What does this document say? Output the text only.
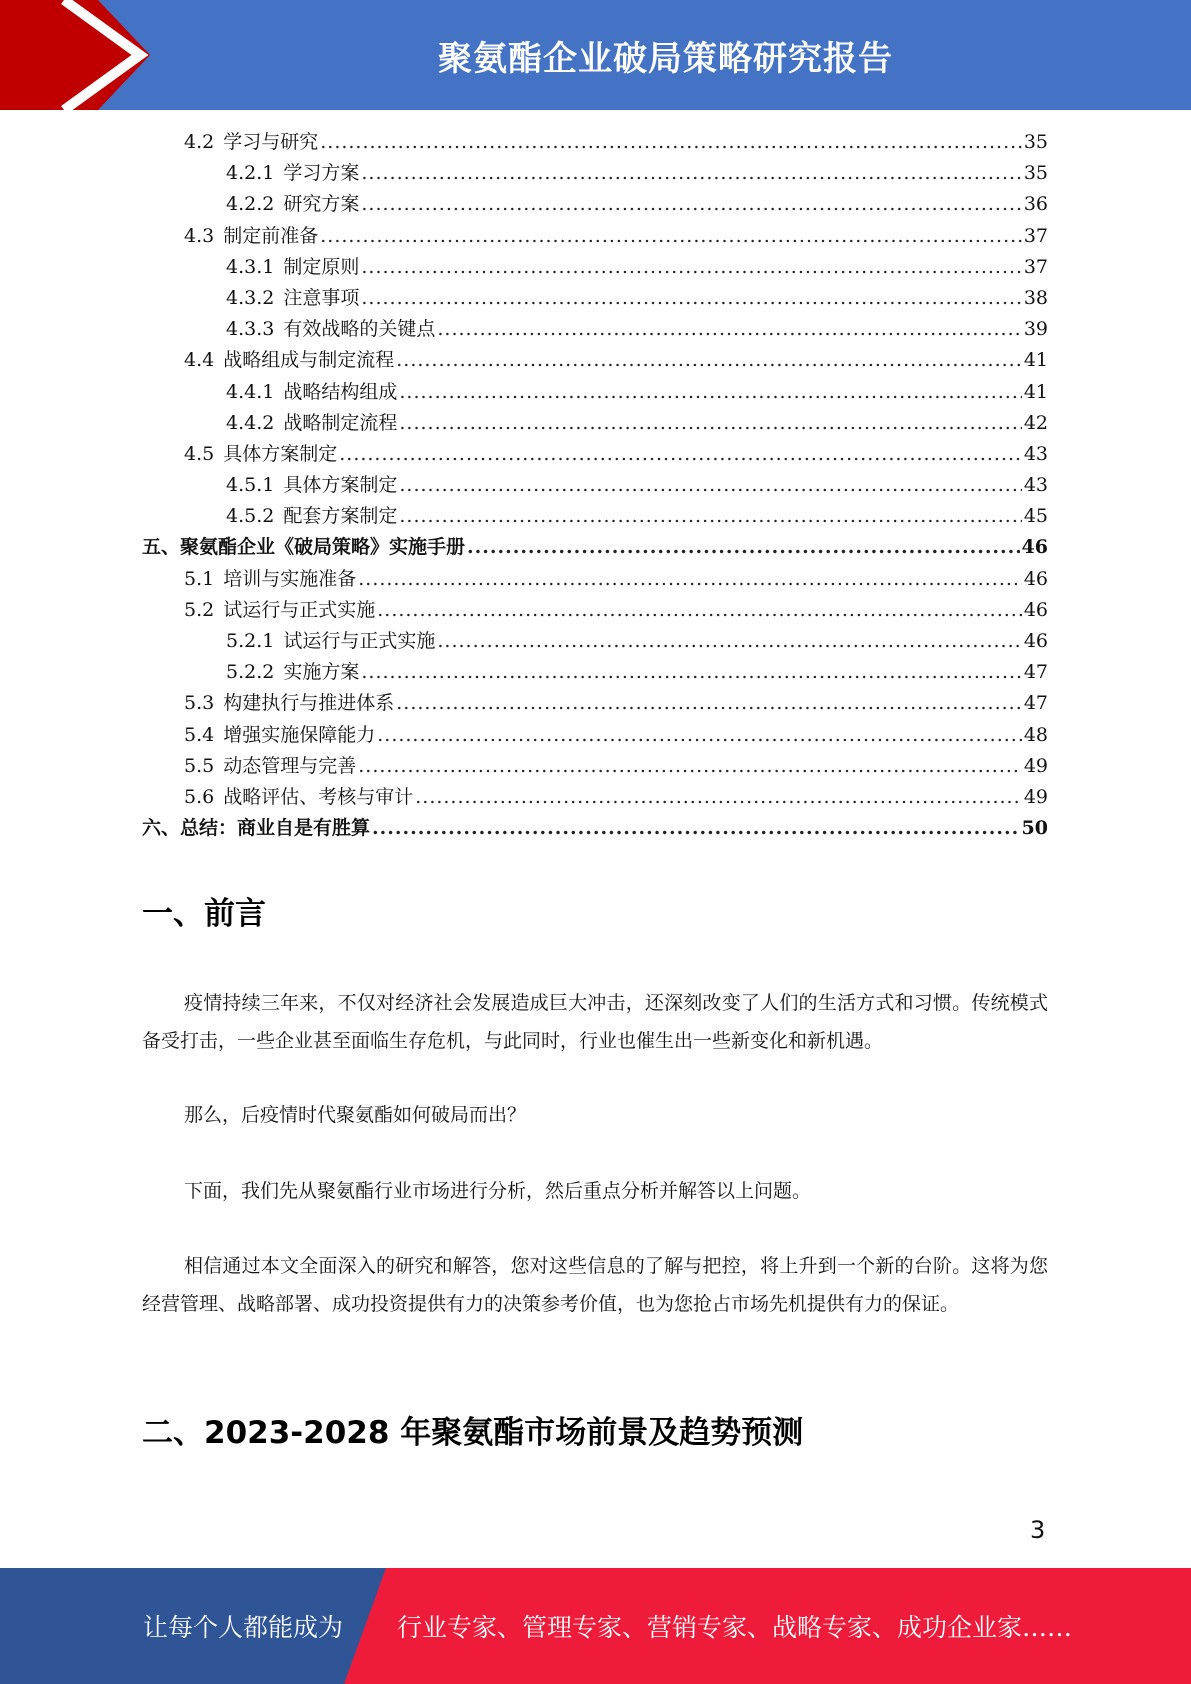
聚氨酯企业破局策略研究报告
4.2 学习与研究 .....	35
4.2.1 学习方案 .....	35
4.2.2 研究方案 .....	36
4.3 制定前准备 .....	37
4.3.1 制定原则 .....	37
4.3.2 注意事项 .....	38
4.3.3 有效战略的关键点 .....	39
4.4 战略组成与制定流程 .....	41
4.4.1 战略结构组成 .....	41
4.4.2 战略制定流程 .....	42
4.5 具体方案制定 .....	43
4.5.1 具体方案制定 .....	43
4.5.2 配套方案制定 .....	45
五、聚氨酯企业《破局策略》实施手册 .....	46
5.1 培训与实施准备 .....	46
5.2 试运行与正式实施 .....	46
5.2.1 试运行与正式实施 .....	46
5.2.2 实施方案 .....	47
5.3 构建执行与推进体系 .....	47
5.4 增强实施保障能力 .....	48
5.5 动态管理与完善 .....	49
5.6 战略评估、考核与审计 .....	49
六、总结：商业自是有胜算 .....	50
一、前言
疫情持续三年来，不仅对经济社会发展造成巨大冲击，还深刻改变了人们的生活方式和习惯。传统模式备受打击，一些企业甚至面临生存危机，与此同时，行业也催生出一些新变化和新机遇。
那么，后疫情时代聚氨酯如何破局而出？
下面，我们先从聚氨酯行业市场进行分析，然后重点分析并解答以上问题。
相信通过本文全面深入的研究和解答，您对这些信息的了解与把控，将上升到一个新的台阶。这将为您经营管理、战略部署、成功投资提供有力的决策参考价值，也为您抢占市场先机提供有力的保证。
二、2023-2028 年聚氨酯市场前景及趋势预测
3
让每个人都能成为 行业专家、管理专家、营销专家、战略专家、成功企业家……
